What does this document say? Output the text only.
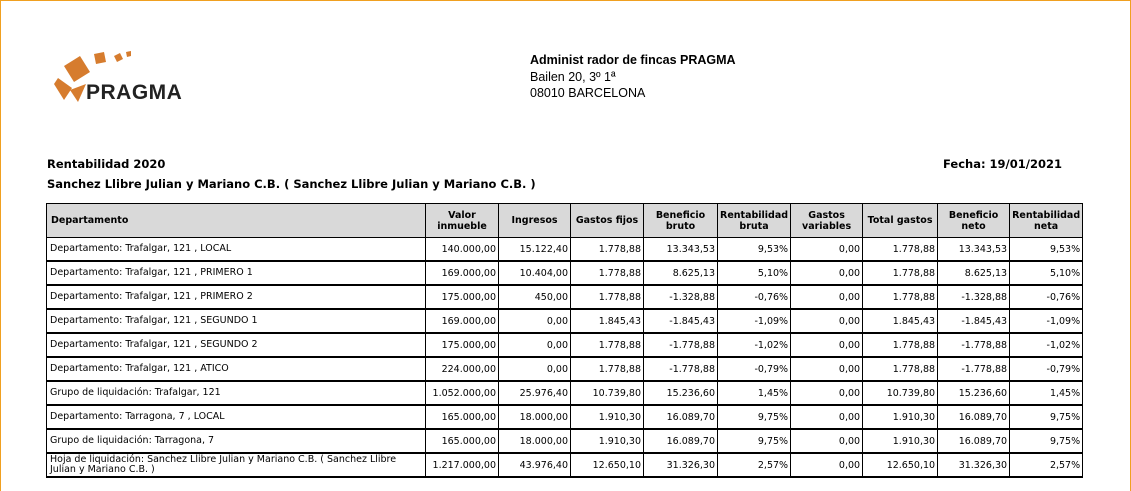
PRAGMA
Administ rador de fincas PRAGMA
Bailen 20, 3º 1ª
08010 BARCELONA
Rentabilidad 2020
Sanchez Llibre Julian y Mariano C.B. ( Sanchez Llibre Julian y Mariano C.B. )
Fecha: 19/01/2021
Departamento	Valor inmueble	Ingresos	Gastos fijos	Beneficio bruto	Rentabilidad bruta	Gastos variables	Total gastos	Beneficio neto	Rentabilidad neta
Departamento: Trafalgar, 121 , LOCAL	140.000,00	15.122,40	1.778,88	13.343,53	9,53%	0,00	1.778,88	13.343,53	9,53%
Departamento: Trafalgar, 121 , PRIMERO 1	169.000,00	10.404,00	1.778,88	8.625,13	5,10%	0,00	1.778,88	8.625,13	5,10%
Departamento: Trafalgar, 121 , PRIMERO 2	175.000,00	450,00	1.778,88	-1.328,88	-0,76%	0,00	1.778,88	-1.328,88	-0,76%
Departamento: Trafalgar, 121 , SEGUNDO 1	169.000,00	0,00	1.845,43	-1.845,43	-1,09%	0,00	1.845,43	-1.845,43	-1,09%
Departamento: Trafalgar, 121 , SEGUNDO 2	175.000,00	0,00	1.778,88	-1.778,88	-1,02%	0,00	1.778,88	-1.778,88	-1,02%
Departamento: Trafalgar, 121 , ATICO	224.000,00	0,00	1.778,88	-1.778,88	-0,79%	0,00	1.778,88	-1.778,88	-0,79%
Grupo de liquidación: Trafalgar, 121	1.052.000,00	25.976,40	10.739,80	15.236,60	1,45%	0,00	10.739,80	15.236,60	1,45%
Departamento: Tarragona, 7 , LOCAL	165.000,00	18.000,00	1.910,30	16.089,70	9,75%	0,00	1.910,30	16.089,70	9,75%
Grupo de liquidación: Tarragona, 7	165.000,00	18.000,00	1.910,30	16.089,70	9,75%	0,00	1.910,30	16.089,70	9,75%
Hoja de liquidación: Sanchez Llibre Julian y Mariano C.B. ( Sanchez Llibre Julian y Mariano C.B. )	1.217.000,00	43.976,40	12.650,10	31.326,30	2,57%	0,00	12.650,10	31.326,30	2,57%
